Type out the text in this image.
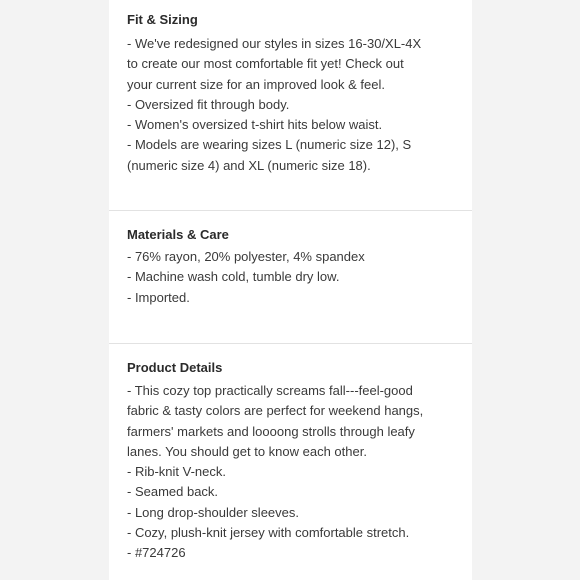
Fit & Sizing
- We've redesigned our styles in sizes 16-30/XL-4X
to create our most comfortable fit yet! Check out
your current size for an improved look & feel.
- Oversized fit through body.
- Women's oversized t-shirt hits below waist.
- Models are wearing sizes L (numeric size 12), S
(numeric size 4) and XL (numeric size 18).
Materials & Care
- 76% rayon, 20% polyester, 4% spandex
- Machine wash cold, tumble dry low.
- Imported.
Product Details
- This cozy top practically screams fall---feel-good
fabric & tasty colors are perfect for weekend hangs,
farmers' markets and loooong strolls through leafy
lanes. You should get to know each other.
- Rib-knit V-neck.
- Seamed back.
- Long drop-shoulder sleeves.
- Cozy, plush-knit jersey with comfortable stretch.
- #724726
